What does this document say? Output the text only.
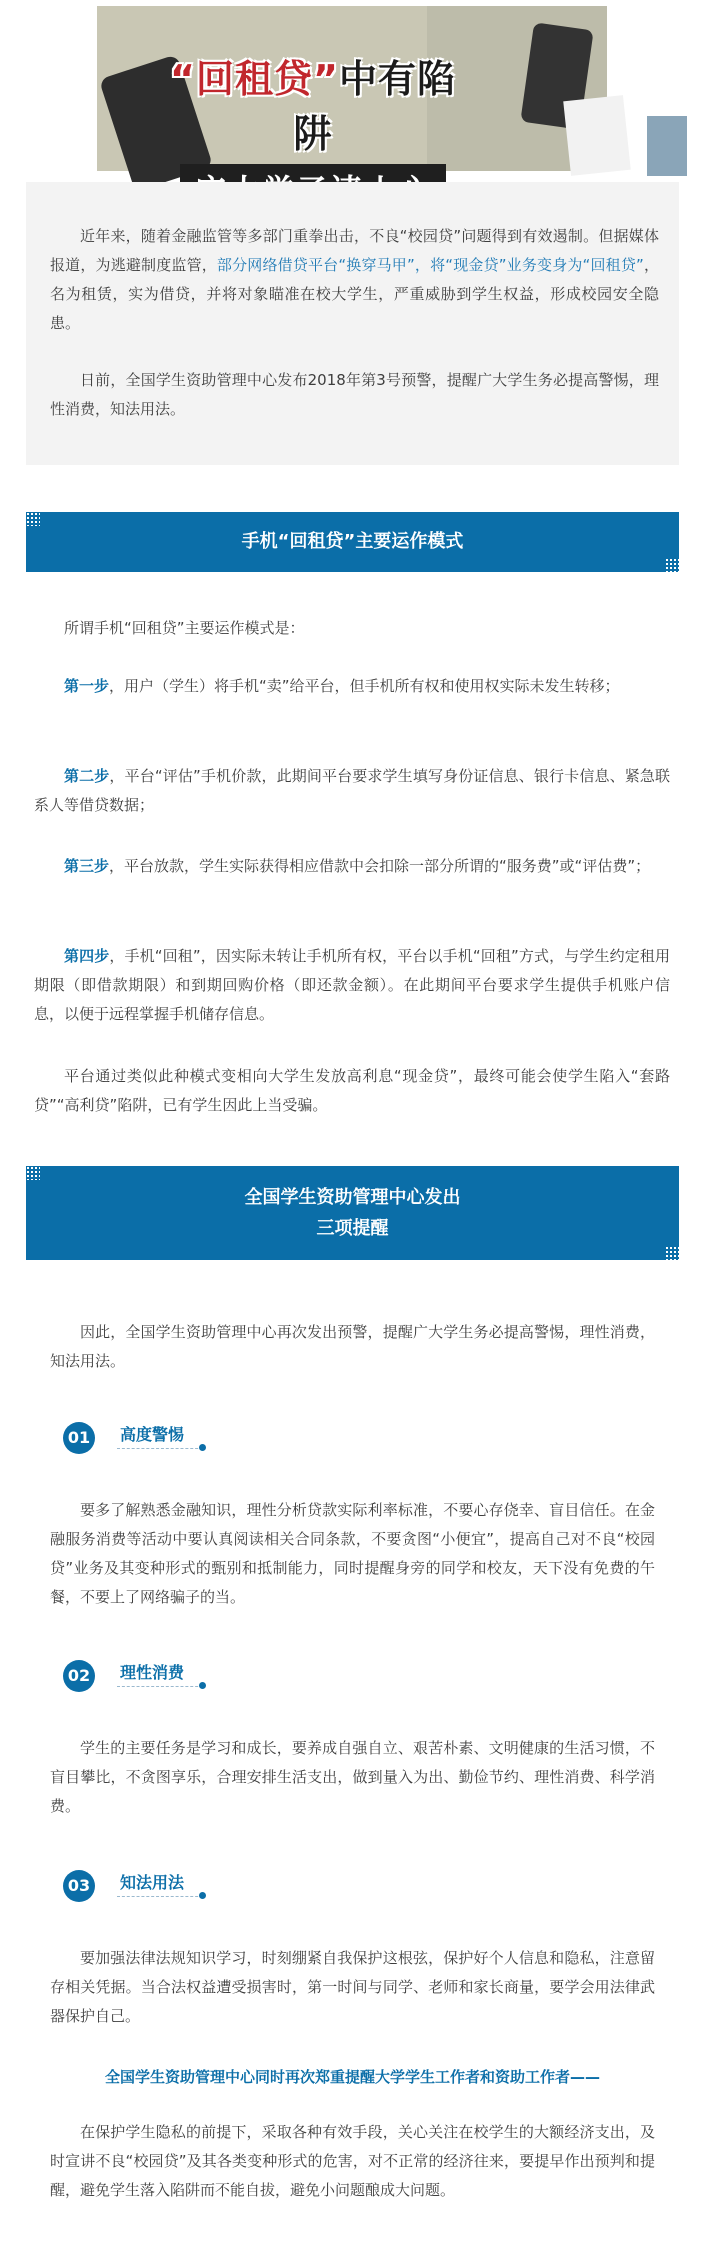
“回租贷”中有陷阱

近年来，随着金融监管等多部门重拳出击，不良“校园贷”问题得到有效遏制。但据媒体报道，为逃避制度监管，部分网络借贷平台“换穿马甲”，将“现金贷”业务变身为“回租贷”，名为租赁，实为借贷，并将对象瞄准在校大学生，严重威胁到学生权益，形成校园安全隐患。

日前，全国学生资助管理中心发布2018年第3号预警，提醒广大学生务必提高警惕，理性消费，知法用法。

手机“回租贷”主要运作模式

所谓手机“回租贷”主要运作模式是：

第一步，用户（学生）将手机“卖”给平台，但手机所有权和使用权实际未发生转移；

第二步，平台“评估”手机价款，此期间平台要求学生填写身份证信息、银行卡信息、紧急联系人等借贷数据；

第三步，平台放款，学生实际获得相应借款中会扣除一部分所谓的“服务费”或“评估费”；

第四步，手机“回租”，因实际未转让手机所有权，平台以手机“回租”方式，与学生约定租用期限（即借款期限）和到期回购价格（即还款金额）。在此期间平台要求学生提供手机账户信息，以便于远程掌握手机储存信息。

平台通过类似此种模式变相向大学生发放高利息“现金贷”，最终可能会使学生陷入“套路贷”“高利贷”陷阱，已有学生因此上当受骗。

全国学生资助管理中心发出
三项提醒

因此，全国学生资助管理中心再次发出预警，提醒广大学生务必提高警惕，理性消费，知法用法。

01	高度警惕

要多了解熟悉金融知识，理性分析贷款实际利率标准，不要心存侥幸、盲目信任。在金融服务消费等活动中要认真阅读相关合同条款，不要贪图“小便宜”，提高自己对不良“校园贷”业务及其变种形式的甄别和抵制能力，同时提醒身旁的同学和校友，天下没有免费的午餐，不要上了网络骗子的当。

02	理性消费

学生的主要任务是学习和成长，要养成自强自立、艰苦朴素、文明健康的生活习惯，不盲目攀比，不贪图享乐，合理安排生活支出，做到量入为出、勤俭节约、理性消费、科学消费。

03	知法用法

要加强法律法规知识学习，时刻绷紧自我保护这根弦，保护好个人信息和隐私，注意留存相关凭据。当合法权益遭受损害时，第一时间与同学、老师和家长商量，要学会用法律武器保护自己。

全国学生资助管理中心同时再次郑重提醒大学学生工作者和资助工作者——

在保护学生隐私的前提下，采取各种有效手段，关心关注在校学生的大额经济支出，及时宣讲不良“校园贷”及其各类变种形式的危害，对不正常的经济往来，要提早作出预判和提醒，避免学生落入陷阱而不能自拔，避免小问题酿成大问题。
